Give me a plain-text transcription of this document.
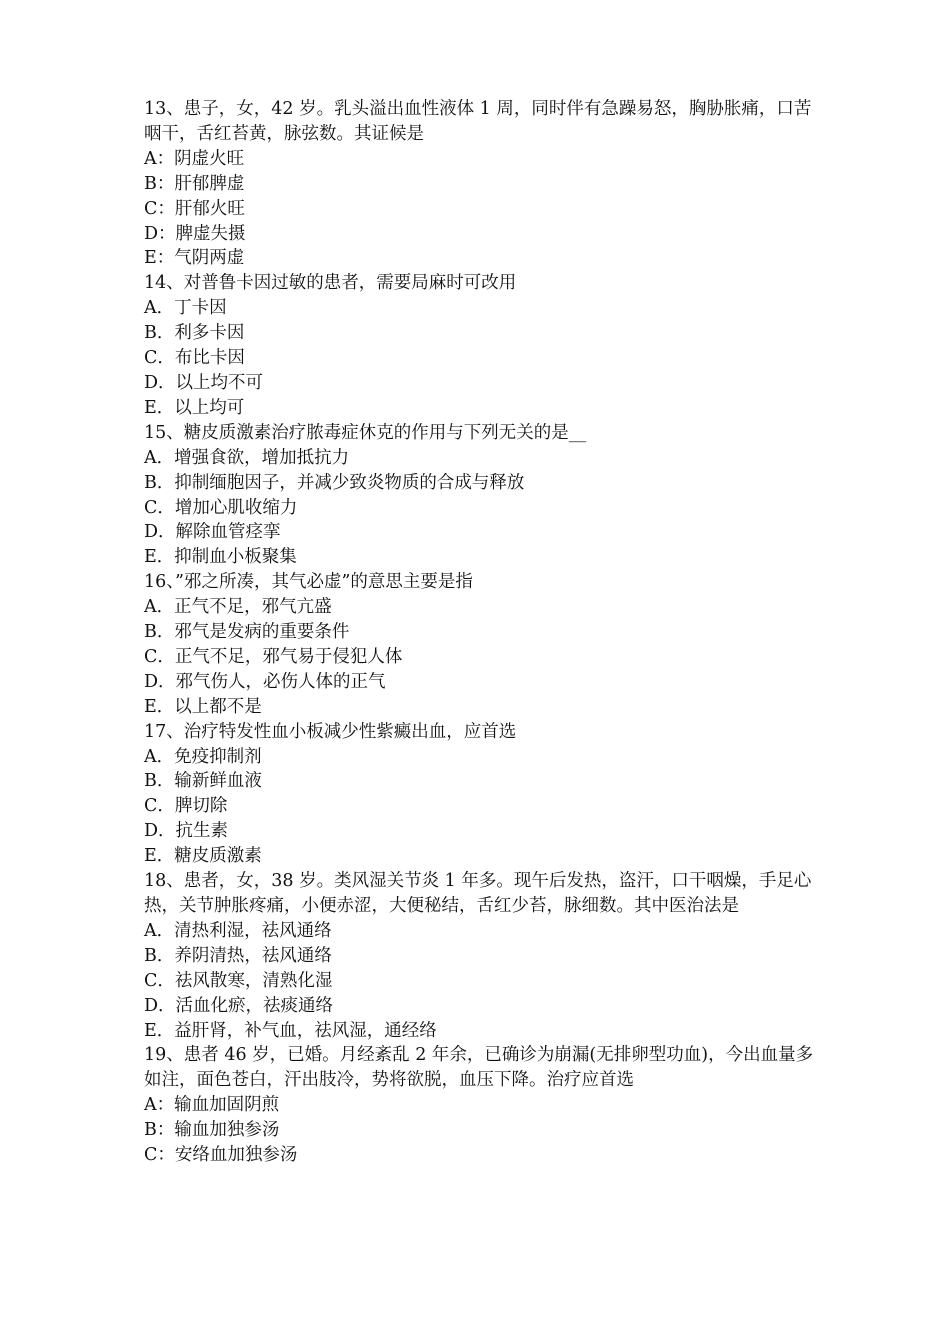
13、患子，女，42 岁。乳头溢出血性液体 1 周，同时伴有急躁易怒，胸胁胀痛，口苦咽干，舌红苔黄，脉弦数。其证候是

A：阴虚火旺

B：肝郁脾虚

C：肝郁火旺

D：脾虚失摄

E：气阴两虚

14、对普鲁卡因过敏的患者，需要局麻时可改用

A．丁卡因

B．利多卡因

C．布比卡因

D．以上均不可

E．以上均可

15、糖皮质激素治疗脓毒症休克的作用与下列无关的是__

A．增强食欲，增加抵抗力

B．抑制缅胞因子，并减少致炎物质的合成与释放

C．增加心肌收缩力

D．解除血管痉挛

E．抑制血小板聚集

16、”邪之所凑，其气必虚”的意思主要是指

A．正气不足，邪气亢盛

B．邪气是发病的重要条件

C．正气不足，邪气易于侵犯人体

D．邪气伤人，必伤人体的正气

E．以上都不是

17、治疗特发性血小板减少性紫癜出血，应首选

A．免疫抑制剂

B．输新鲜血液

C．脾切除

D．抗生素

E．糖皮质激素

18、患者，女，38 岁。类风湿关节炎 1 年多。现午后发热，盗汗，口干咽燥，手足心热，关节肿胀疼痛，小便赤涩，大便秘结，舌红少苔，脉细数。其中医治法是

A．清热利湿，祛风通络

B．养阴清热，祛风通络

C．祛风散寒，清熟化湿

D．活血化瘀，祛痰通络

E．益肝肾，补气血，祛风湿，通经络

19、患者 46 岁，已婚。月经紊乱 2 年余，已确诊为崩漏(无排卵型功血)，今出血量多如注，面色苍白，汗出肢冷，势将欲脱，血压下降。治疗应首选

A：输血加固阴煎

B：输血加独参汤

C：安络血加独参汤
